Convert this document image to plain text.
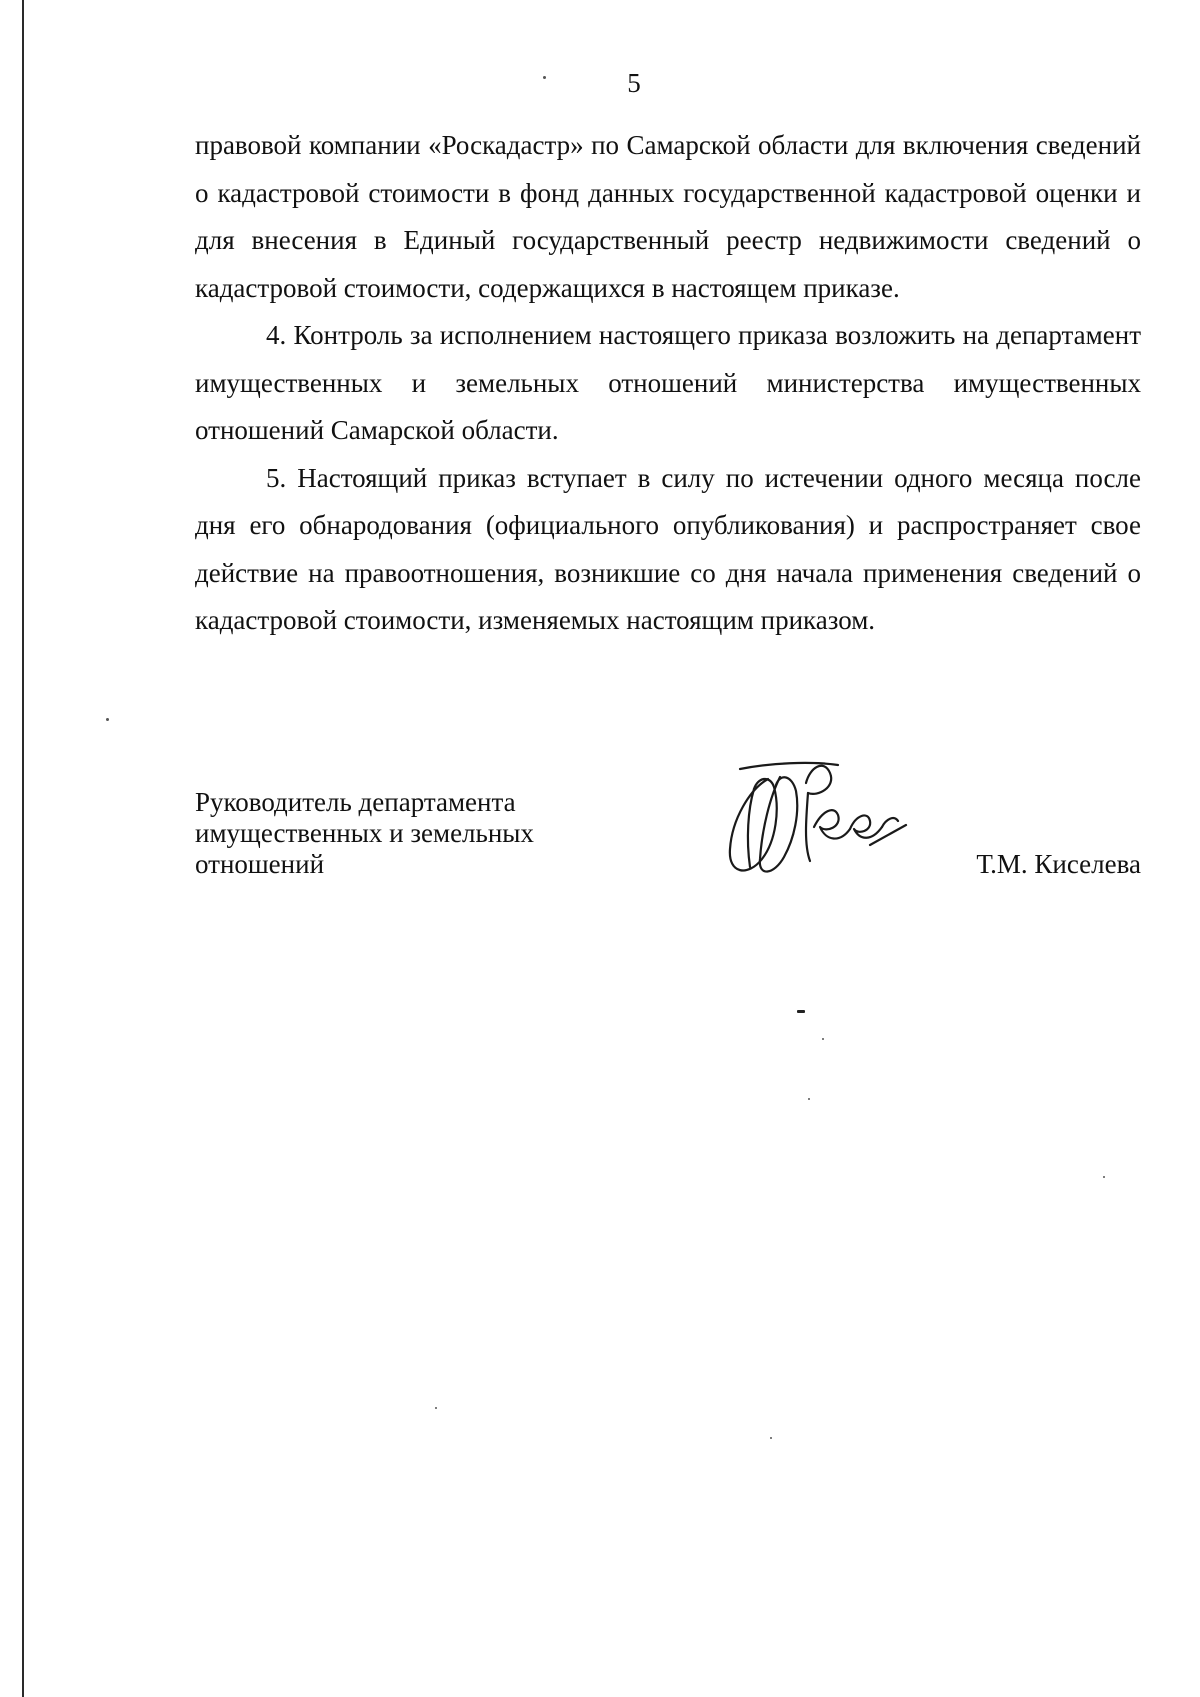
5

правовой компании «Роскадастр» по Самарской области для включения сведений о кадастровой стоимости в фонд данных государственной кадастровой оценки и для внесения в Единый государственный реестр недвижимости сведений о кадастровой стоимости, содержащихся в настоящем приказе.

4. Контроль за исполнением настоящего приказа возложить на департамент имущественных и земельных отношений министерства имущественных отношений Самарской области.

5. Настоящий приказ вступает в силу по истечении одного месяца после дня его обнародования (официального опубликования) и распространяет свое действие на правоотношения, возникшие со дня начала применения сведений о кадастровой стоимости, изменяемых настоящим приказом.

Руководитель департамента
имущественных и земельных
отношений	Т.М. Киселева
